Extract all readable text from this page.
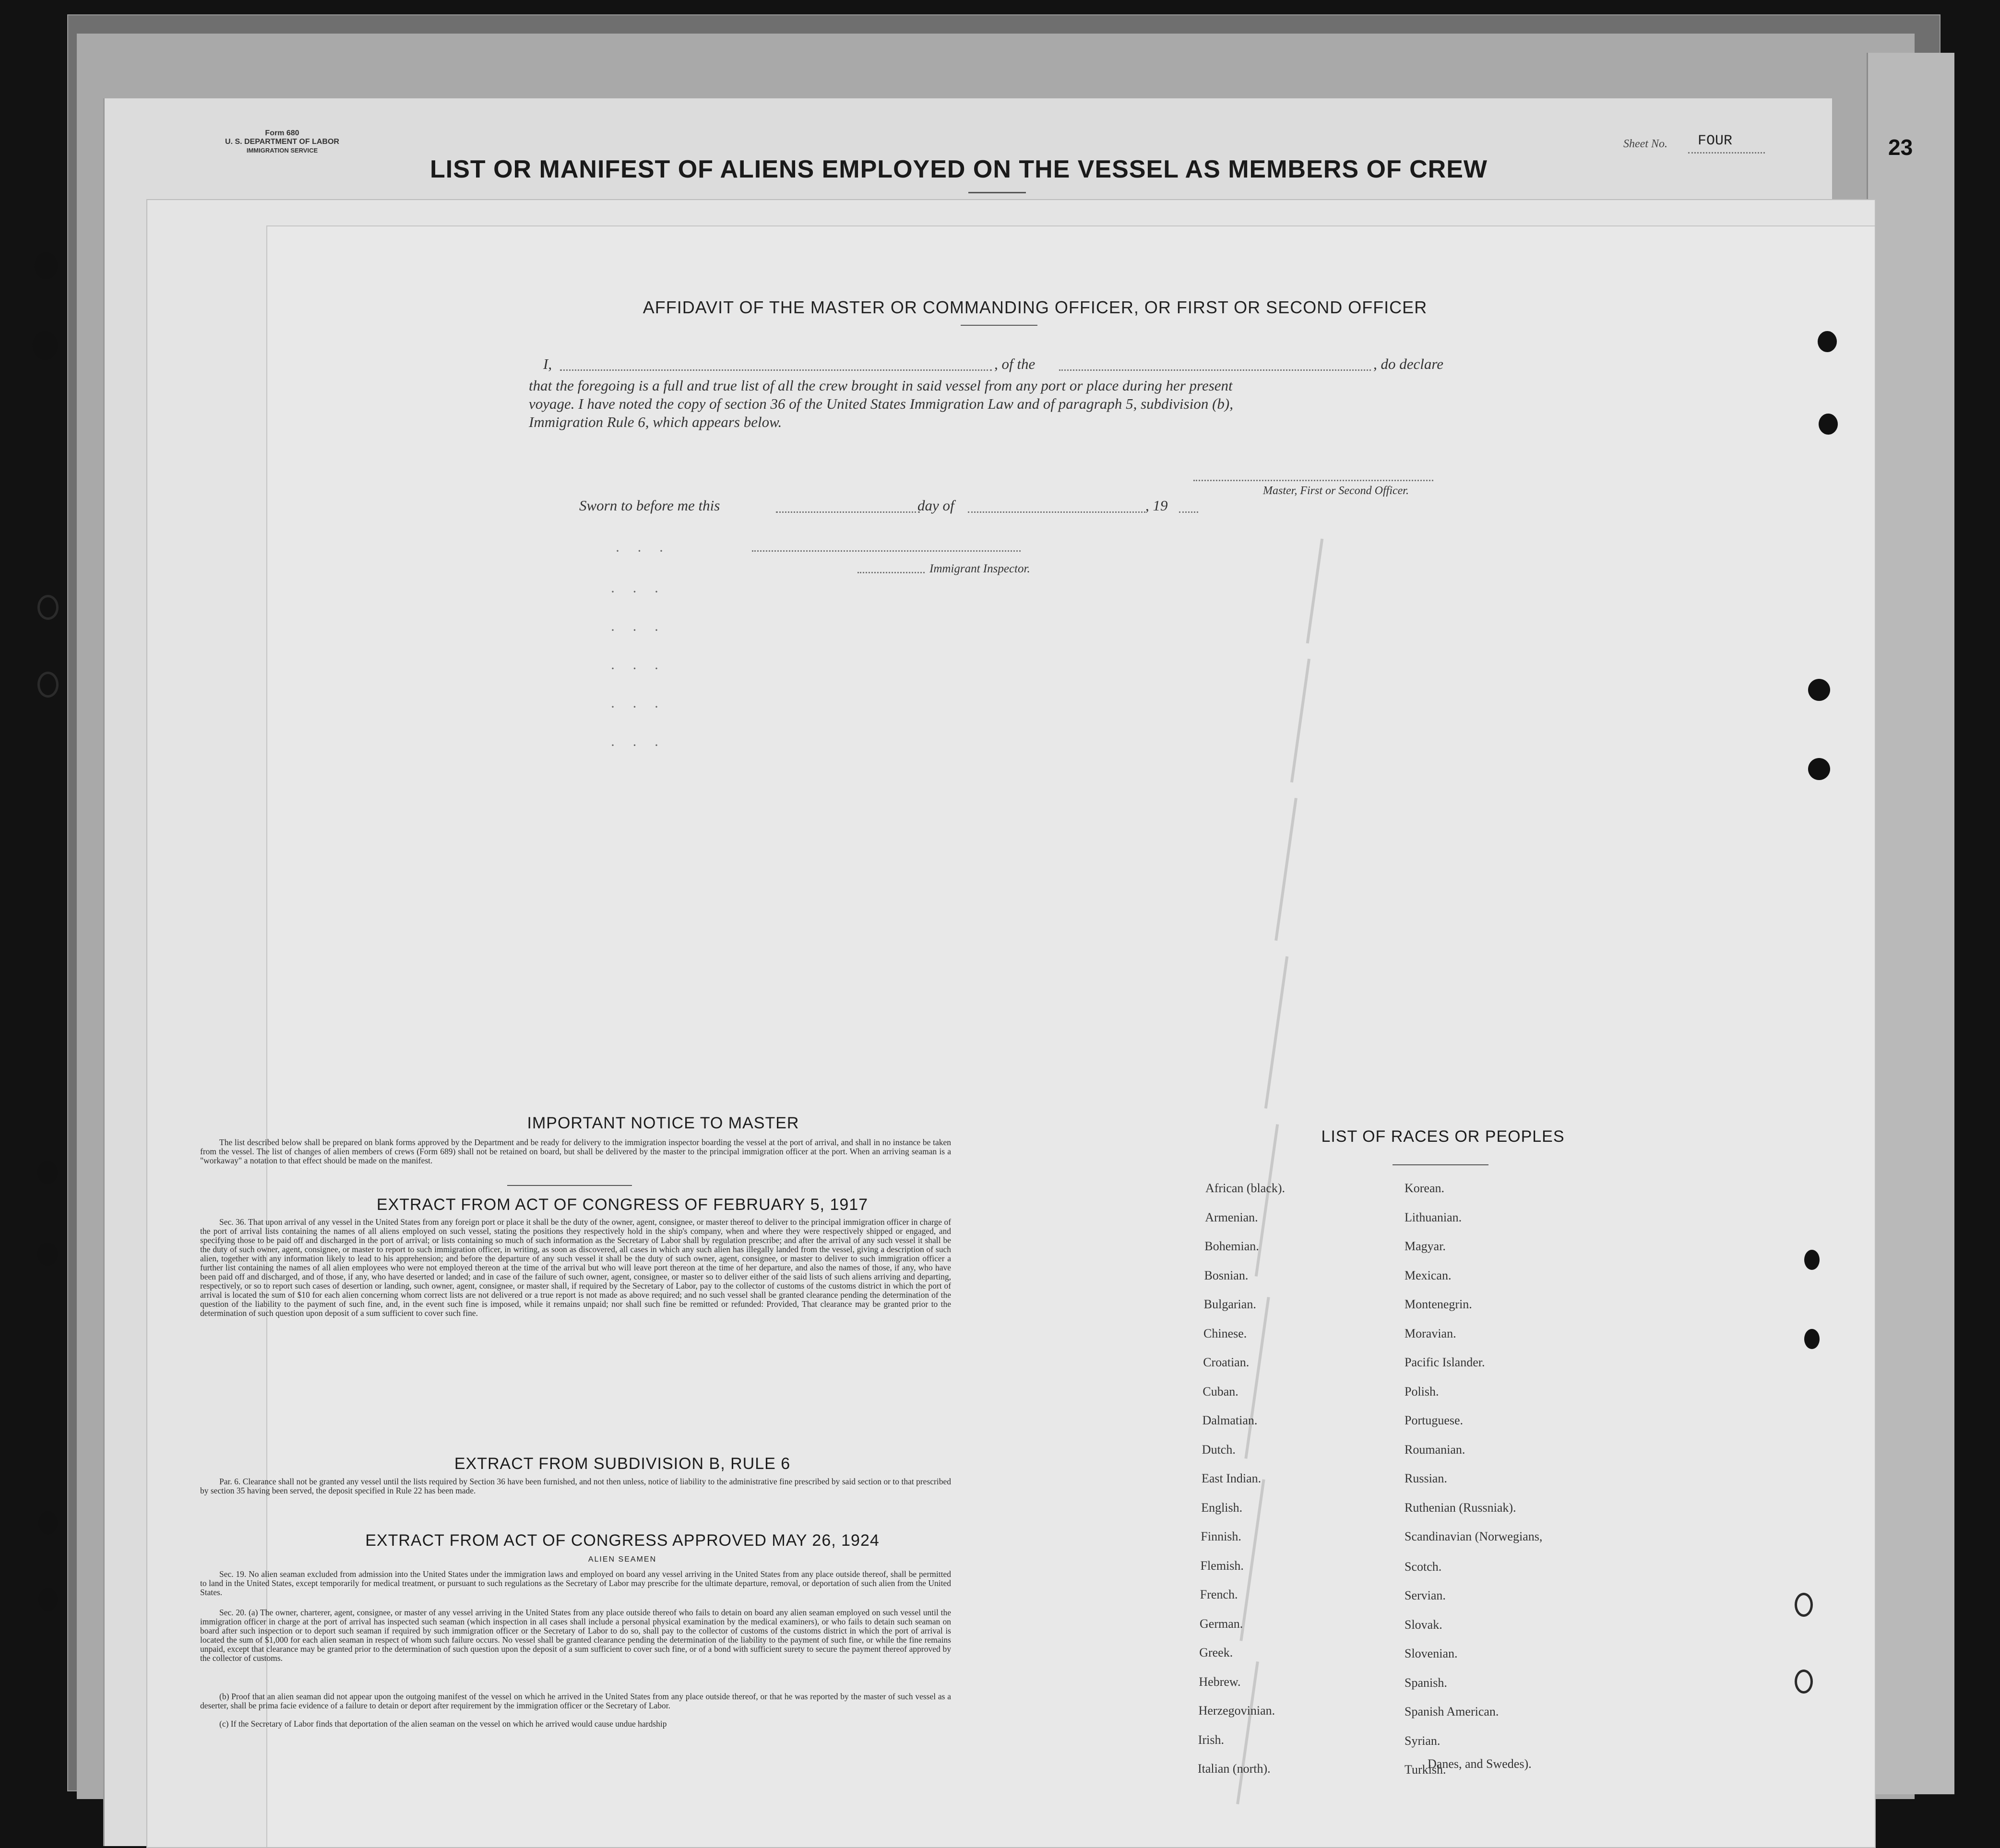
Form 680
U. S. DEPARTMENT OF LABOR
IMMIGRATION SERVICE
LIST OR MANIFEST OF ALIENS EMPLOYED ON THE VESSEL AS MEMBERS OF CREW
Sheet No. FOUR	23
AFFIDAVIT OF THE MASTER OR COMMANDING OFFICER, OR FIRST OR SECOND OFFICER
I,	, of the	, do declare
that the foregoing is a full and true list of all the crew brought in said vessel from any port or place during her present
voyage. I have noted the copy of section 36 of the United States Immigration Law and of paragraph 5, subdivision (b),
Immigration Rule 6, which appears below.
Master, First or Second Officer.
Sworn to before me this	day of	, 19
Immigrant Inspector.
· · ·
· · ·
· · ·
· · ·
· · ·
· · ·
IMPORTANT NOTICE TO MASTER
The list described below shall be prepared on blank forms approved by the Department and be ready for delivery to the immigration inspector boarding the vessel at the port of arrival, and shall in no instance be taken from the vessel. The list of changes of alien members of crews (Form 689) shall not be retained on board, but shall be delivered by the master to the principal immigration officer at the port. When an arriving seaman is a "workaway" a notation to that effect should be made on the manifest.
EXTRACT FROM ACT OF CONGRESS OF FEBRUARY 5, 1917
Sec. 36. That upon arrival of any vessel in the United States from any foreign port or place it shall be the duty of the owner, agent, consignee, or master thereof to deliver to the principal immigration officer in charge of the port of arrival lists containing the names of all aliens employed on such vessel, stating the positions they respectively hold in the ship's company, when and where they were respectively shipped or engaged, and specifying those to be paid off and discharged in the port of arrival; or lists containing so much of such information as the Secretary of Labor shall by regulation prescribe; and after the arrival of any such vessel it shall be the duty of such owner, agent, consignee, or master to report to such immigration officer, in writing, as soon as discovered, all cases in which any such alien has illegally landed from the vessel, giving a description of such alien, together with any information likely to lead to his apprehension; and before the departure of any such vessel it shall be the duty of such owner, agent, consignee, or master to deliver to such immigration officer a further list containing the names of all alien employees who were not employed thereon at the time of the arrival but who will leave port thereon at the time of her departure, and also the names of those, if any, who have been paid off and discharged, and of those, if any, who have deserted or landed; and in case of the failure of such owner, agent, consignee, or master so to deliver either of the said lists of such aliens arriving and departing, respectively, or so to report such cases of desertion or landing, such owner, agent, consignee, or master shall, if required by the Secretary of Labor, pay to the collector of customs of the customs district in which the port of arrival is located the sum of $10 for each alien concerning whom correct lists are not delivered or a true report is not made as above required; and no such vessel shall be granted clearance pending the determination of the question of the liability to the payment of such fine, and, in the event such fine is imposed, while it remains unpaid; nor shall such fine be remitted or refunded: Provided, That clearance may be granted prior to the determination of such question upon deposit of a sum sufficient to cover such fine.
EXTRACT FROM SUBDIVISION B, RULE 6
Par. 6. Clearance shall not be granted any vessel until the lists required by Section 36 have been furnished, and not then unless, notice of liability to the administrative fine prescribed by said section or to that prescribed by section 35 having been served, the deposit specified in Rule 22 has been made.
EXTRACT FROM ACT OF CONGRESS APPROVED MAY 26, 1924
ALIEN SEAMEN
Sec. 19. No alien seaman excluded from admission into the United States under the immigration laws and employed on board any vessel arriving in the United States from any place outside thereof, shall be permitted to land in the United States, except temporarily for medical treatment, or pursuant to such regulations as the Secretary of Labor may prescribe for the ultimate departure, removal, or deportation of such alien from the United States.
Sec. 20. (a) The owner, charterer, agent, consignee, or master of any vessel arriving in the United States from any place outside thereof who fails to detain on board any alien seaman employed on such vessel until the immigration officer in charge at the port of arrival has inspected such seaman (which inspection in all cases shall include a personal physical examination by the medical examiners), or who fails to detain such seaman on board after such inspection or to deport such seaman if required by such immigration officer or the Secretary of Labor to do so, shall pay to the collector of customs of the customs district in which the port of arrival is located the sum of $1,000 for each alien seaman in respect of whom such failure occurs. No vessel shall be granted clearance pending the determination of the liability to the payment of such fine, or while the fine remains unpaid, except that clearance may be granted prior to the determination of such question upon the deposit of a sum sufficient to cover such fine, or of a bond with sufficient surety to secure the payment thereof approved by the collector of customs.
(b) Proof that an alien seaman did not appear upon the outgoing manifest of the vessel on which he arrived in the United States from any place outside thereof, or that he was reported by the master of such vessel as a deserter, shall be prima facie evidence of a failure to detain or deport after requirement by the immigration officer or the Secretary of Labor.
(c) If the Secretary of Labor finds that deportation of the alien seaman on the vessel on which he arrived would cause undue hardship
LIST OF RACES OR PEOPLES
African (black).
Armenian.
Bohemian.
Bosnian.
Bulgarian.
Chinese.
Croatian.
Cuban.
Dalmatian.
Dutch.
East Indian.
English.
Finnish.
Flemish.
French.
German.
Greek.
Hebrew.
Herzegovinian.
Irish.
Italian (north).
Korean.
Lithuanian.
Magyar.
Mexican.
Montenegrin.
Moravian.
Pacific Islander.
Polish.
Portuguese.
Roumanian.
Russian.
Ruthenian (Russniak).
Scandinavian (Norwegians,
Scotch.
Servian.
Slovak.
Slovenian.
Spanish.
Spanish American.
Syrian.
Turkish.
Danes, and Swedes).
